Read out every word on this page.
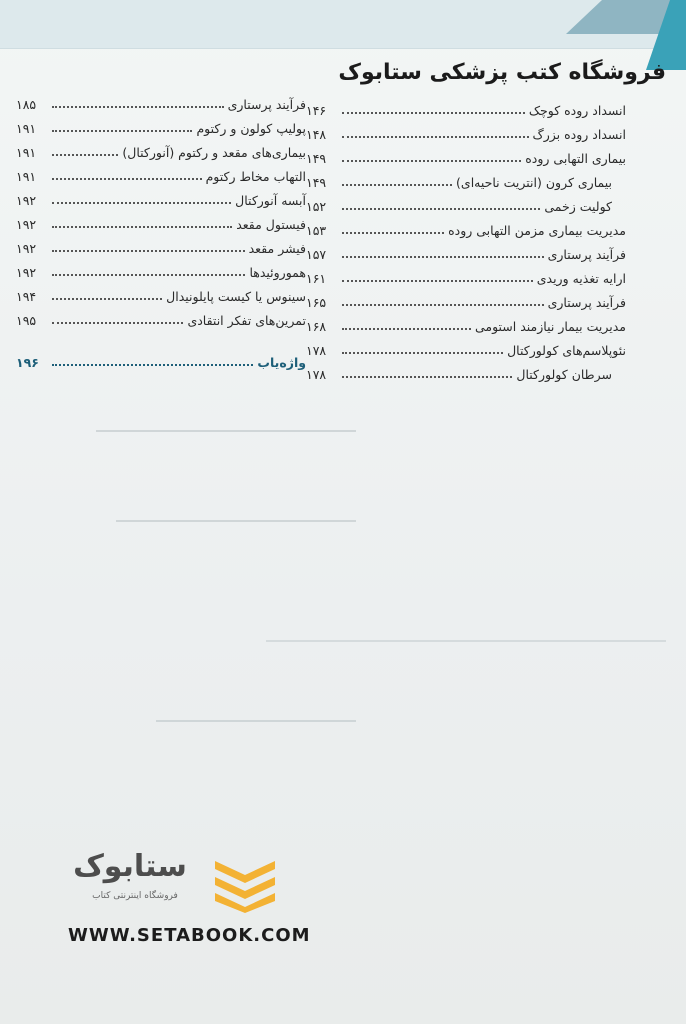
فروشگاه کتب پزشکی ستابوک
انسداد روده کوچک
۱۴۶
انسداد روده بزرگ
۱۴۸
بیماری التهابی روده
۱۴۹
بیماری کرون (انتریت ناحیه‌ای)
۱۴۹
کولیت زخمی
۱۵۲
مدیریت بیماری مزمن التهابی روده
۱۵۳
فرآیند پرستاری
۱۵۷
ارایه تغذیه وریدی
۱۶۱
فرآیند پرستاری
۱۶۵
مدیریت بیمار نیازمند استومی
۱۶۸
نئوپلاسم‌های کولورکتال
۱۷۸
سرطان کولورکتال
۱۷۸
فرآیند پرستاری
۱۸۵
پولیپ کولون و رکتوم
۱۹۱
بیماری‌های مقعد و رکتوم (آنورکتال)
۱۹۱
التهاب مخاط رکتوم
۱۹۱
آبسه آنورکتال
۱۹۲
فیستول مقعد
۱۹۲
فیشر مقعد
۱۹۲
هموروئیدها
۱۹۲
سینوس یا کیست پایلونیدال
۱۹۴
تمرین‌های تفکر انتقادی
۱۹۵
واژه‌یاب
۱۹۶
ستابوک
فروشگاه اینترنتی کتاب
WWW.SETABOOK.COM
